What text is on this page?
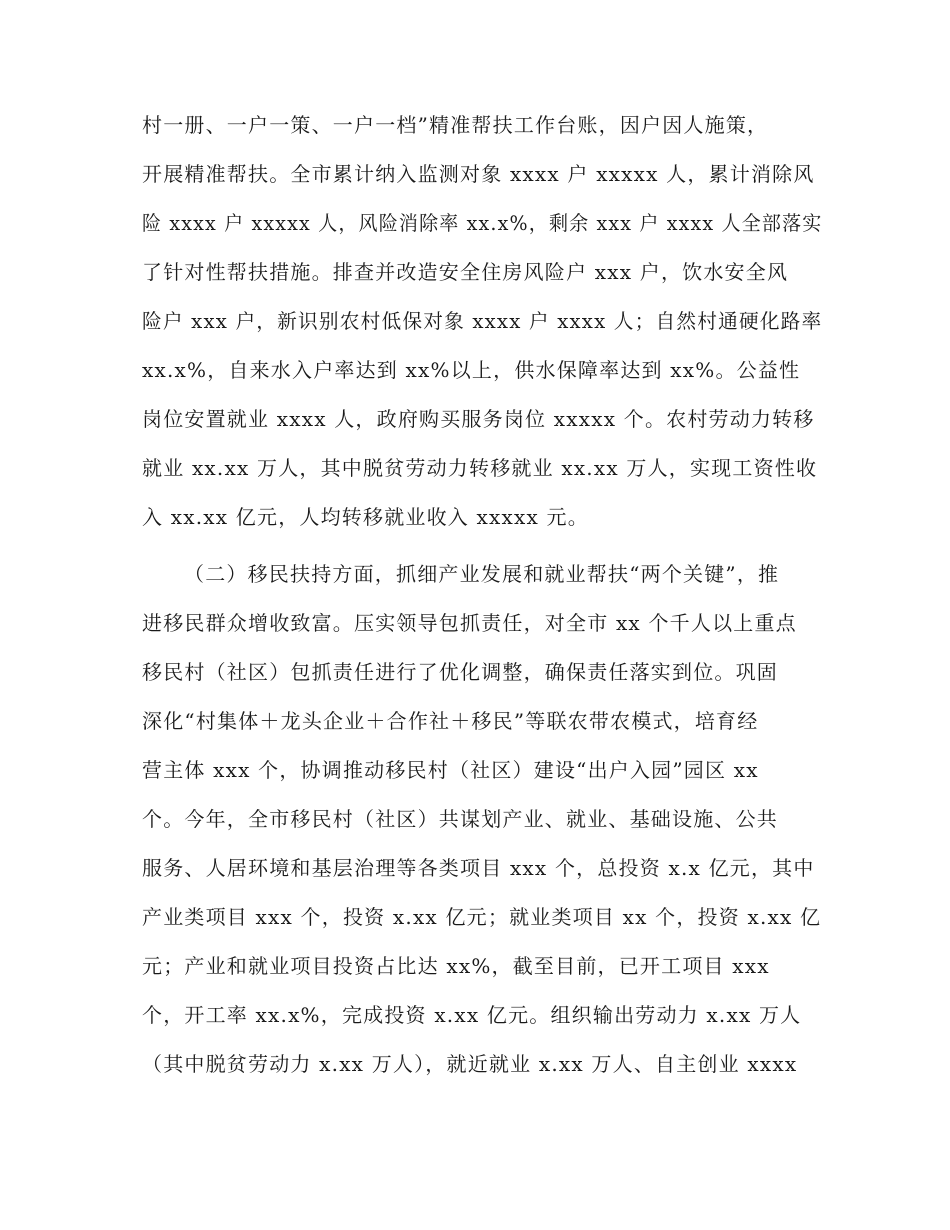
村一册、一户一策、一户一档”精准帮扶工作台账，因户因人施策，
开展精准帮扶。全市累计纳入监测对象 xxxx 户 xxxxx 人，累计消除风
险 xxxx 户 xxxxx 人，风险消除率 xx.x%，剩余 xxx 户 xxxx 人全部落实
了针对性帮扶措施。排查并改造安全住房风险户 xxx 户，饮水安全风
险户 xxx 户，新识别农村低保对象 xxxx 户 xxxx 人；自然村通硬化路率
xx.x%，自来水入户率达到 xx%以上，供水保障率达到 xx%。公益性
岗位安置就业 xxxx 人，政府购买服务岗位 xxxxx 个。农村劳动力转移
就业 xx.xx 万人，其中脱贫劳动力转移就业 xx.xx 万人，实现工资性收
入 xx.xx 亿元，人均转移就业收入 xxxxx 元。
（二）移民扶持方面，抓细产业发展和就业帮扶“两个关键”，推
进移民群众增收致富。压实领导包抓责任，对全市 xx 个千人以上重点
移民村（社区）包抓责任进行了优化调整，确保责任落实到位。巩固
深化“村集体＋龙头企业＋合作社＋移民”等联农带农模式，培育经
营主体 xxx 个，协调推动移民村（社区）建设“出户入园”园区 xx
个。今年，全市移民村（社区）共谋划产业、就业、基础设施、公共
服务、人居环境和基层治理等各类项目 xxx 个，总投资 x.x 亿元，其中
产业类项目 xxx 个，投资 x.xx 亿元；就业类项目 xx 个，投资 x.xx 亿
元；产业和就业项目投资占比达 xx%，截至目前，已开工项目 xxx
个，开工率 xx.x%，完成投资 x.xx 亿元。组织输出劳动力 x.xx 万人
（其中脱贫劳动力 x.xx 万人），就近就业 x.xx 万人、自主创业 xxxx
